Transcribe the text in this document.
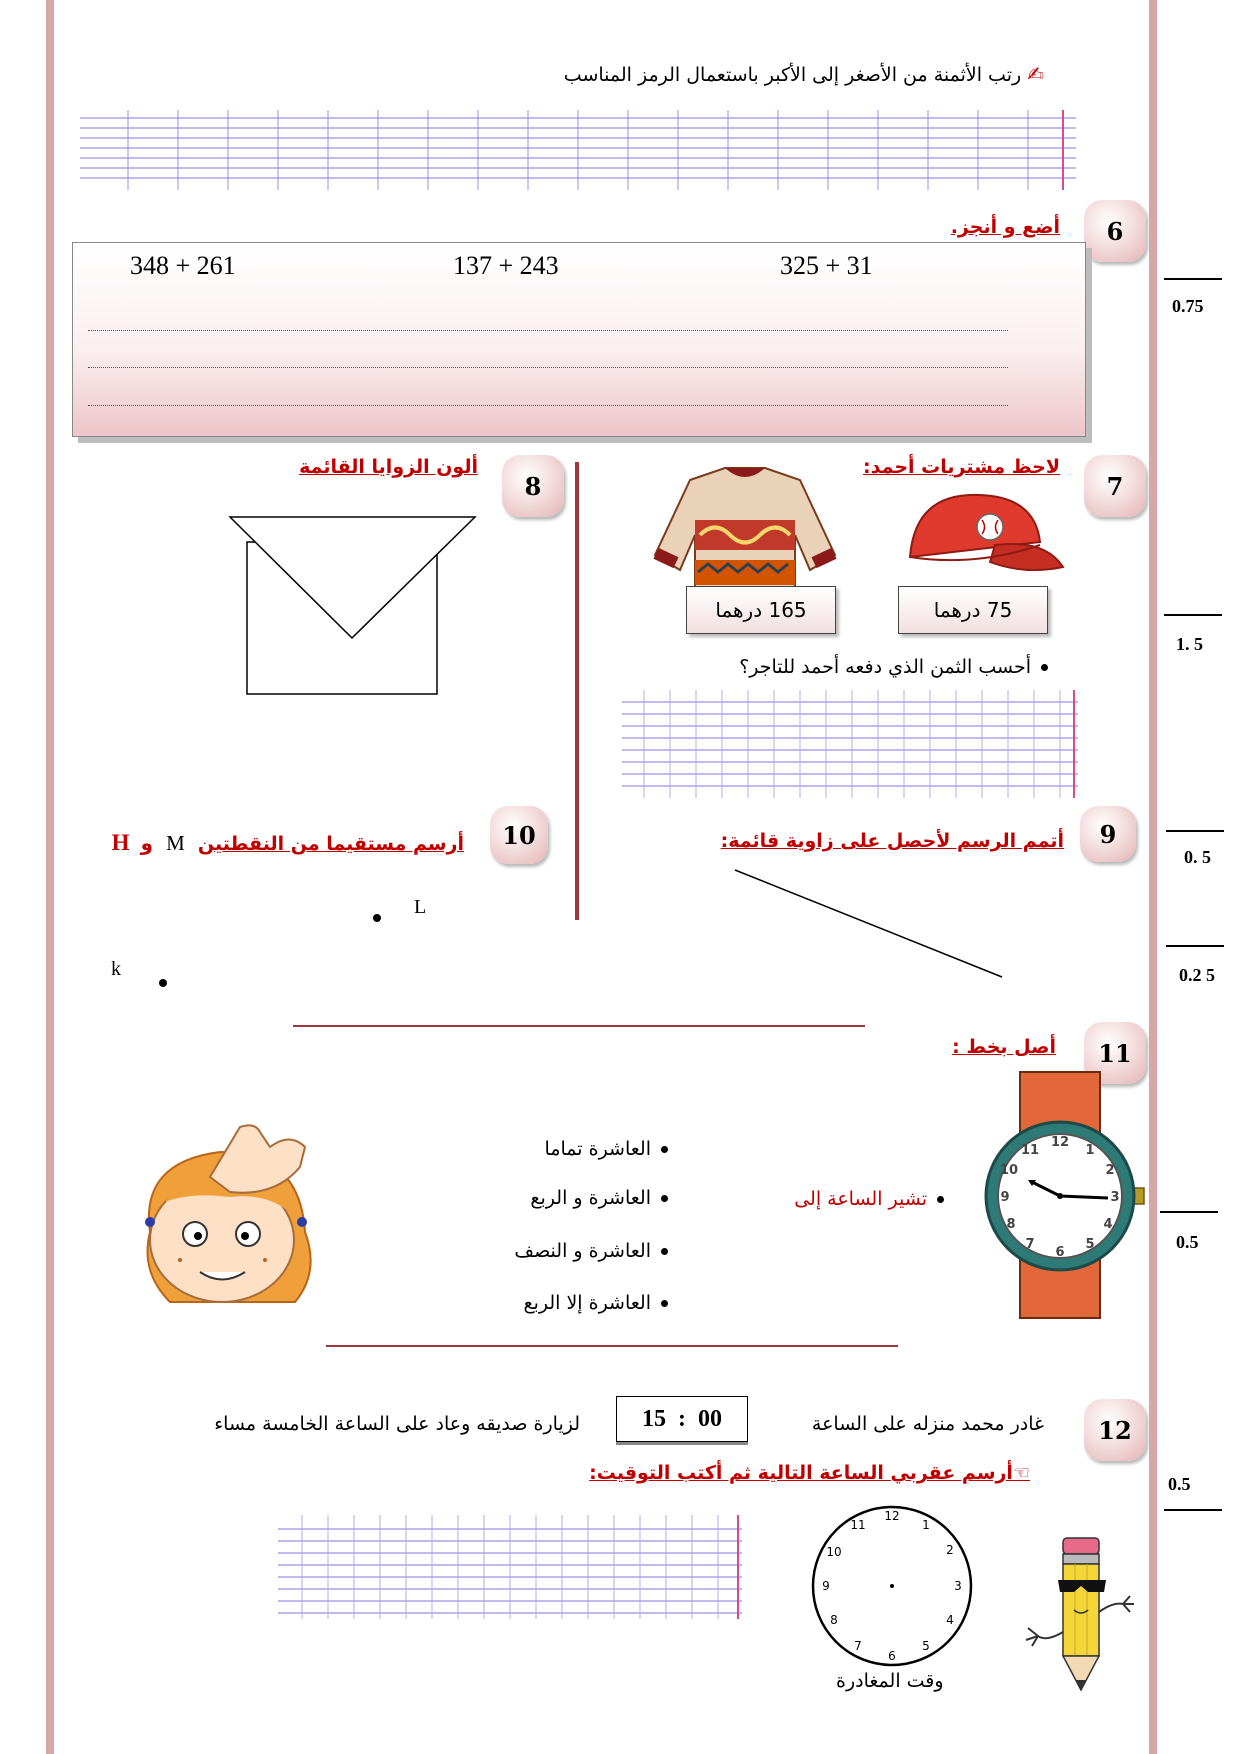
✍ رتب الأثمنة من الأصغر إلى الأكبر باستعمال الرمز المناسب
6
أضع و أنجز.
348 + 261	137 + 243	325 + 31
0.75
7
لاحظ مشتريات أحمد:
165 درهما	75 درهما
أحسب الثمن الذي دفعه أحمد للتاجر؟
1. 5
8
ألون الزوايا القائمة
9
أتمم الرسم لأحصل على زاوية قائمة:
0. 5
10
أرسم مستقيما من النقطتين M و H
L
k	0.2 5
11
أصل بخط :
العاشرة تماما
العاشرة و الربع
العاشرة و النصف
العاشرة إلا الربع
تشير الساعة إلى
12
1
2
3
4
5
6
7
8
9
10
11
0.5
12
غادر محمد منزله على الساعة
15  :  00
لزيارة صديقه وعاد على الساعة الخامسة مساء
☜أرسم عقربي الساعة التالية ثم أكتب التوقيت:
12
1
2
3
4
5
6
7
8
9
10
11
وقت المغادرة
0.5
